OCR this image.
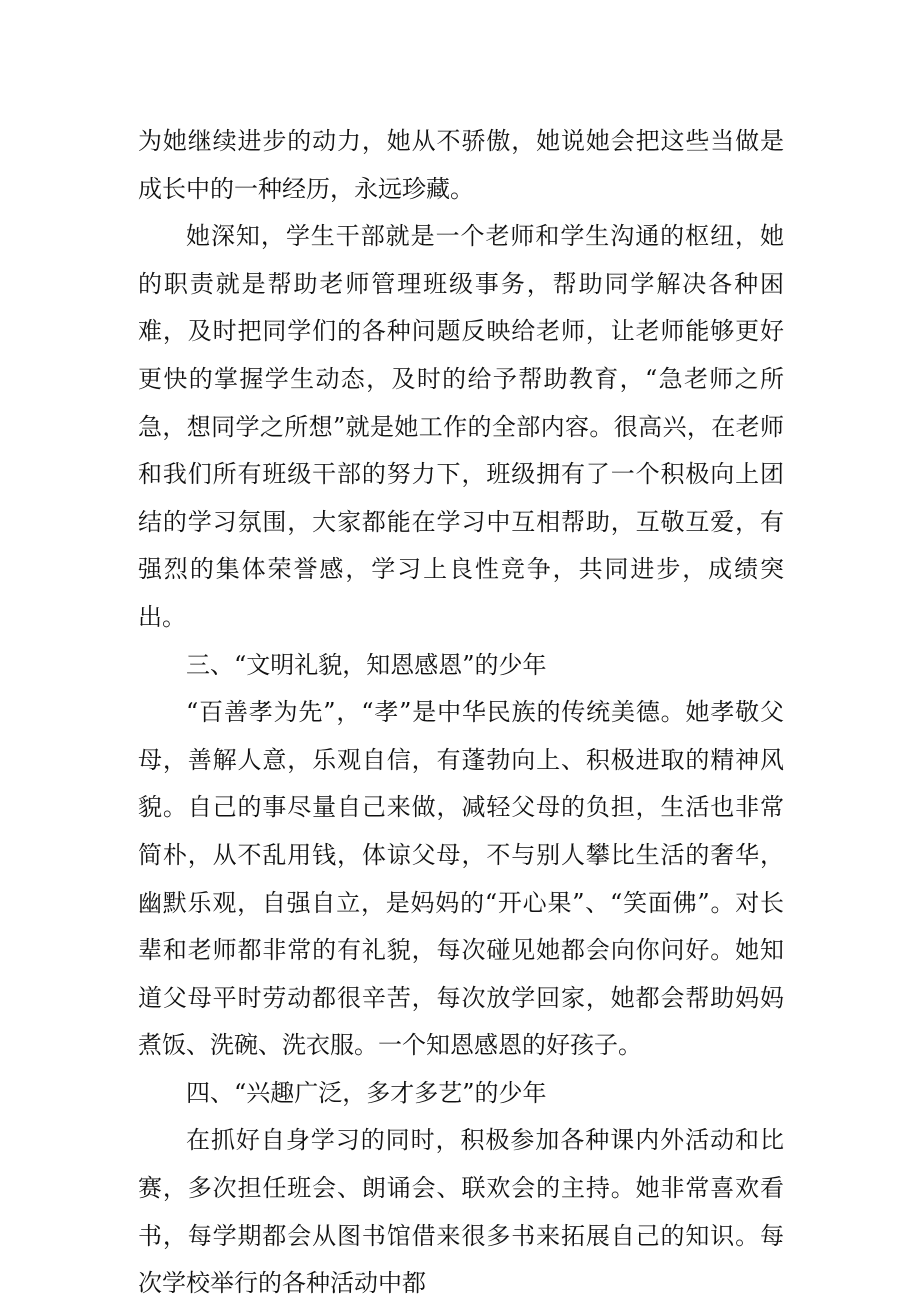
为她继续进步的动力，她从不骄傲，她说她会把这些当做是成长中的一种经历，永远珍藏。

她深知，学生干部就是一个老师和学生沟通的枢纽，她的职责就是帮助老师管理班级事务，帮助同学解决各种困难，及时把同学们的各种问题反映给老师，让老师能够更好更快的掌握学生动态，及时的给予帮助教育，“急老师之所急，想同学之所想”就是她工作的全部内容。很高兴，在老师和我们所有班级干部的努力下，班级拥有了一个积极向上团结的学习氛围，大家都能在学习中互相帮助，互敬互爱，有强烈的集体荣誉感，学习上良性竞争，共同进步，成绩突出。

三、“文明礼貌，知恩感恩”的少年

“百善孝为先”，“孝”是中华民族的传统美德。她孝敬父母，善解人意，乐观自信，有蓬勃向上、积极进取的精神风貌。自己的事尽量自己来做，减轻父母的负担，生活也非常简朴，从不乱用钱，体谅父母，不与别人攀比生活的奢华，幽默乐观，自强自立，是妈妈的“开心果”、“笑面佛”。对长辈和老师都非常的有礼貌，每次碰见她都会向你问好。她知道父母平时劳动都很辛苦，每次放学回家，她都会帮助妈妈煮饭、洗碗、洗衣服。一个知恩感恩的好孩子。

四、“兴趣广泛，多才多艺”的少年

在抓好自身学习的同时，积极参加各种课内外活动和比赛，多次担任班会、朗诵会、联欢会的主持。她非常喜欢看书，每学期都会从图书馆借来很多书来拓展自己的知识。每次学校举行的各种活动中都
